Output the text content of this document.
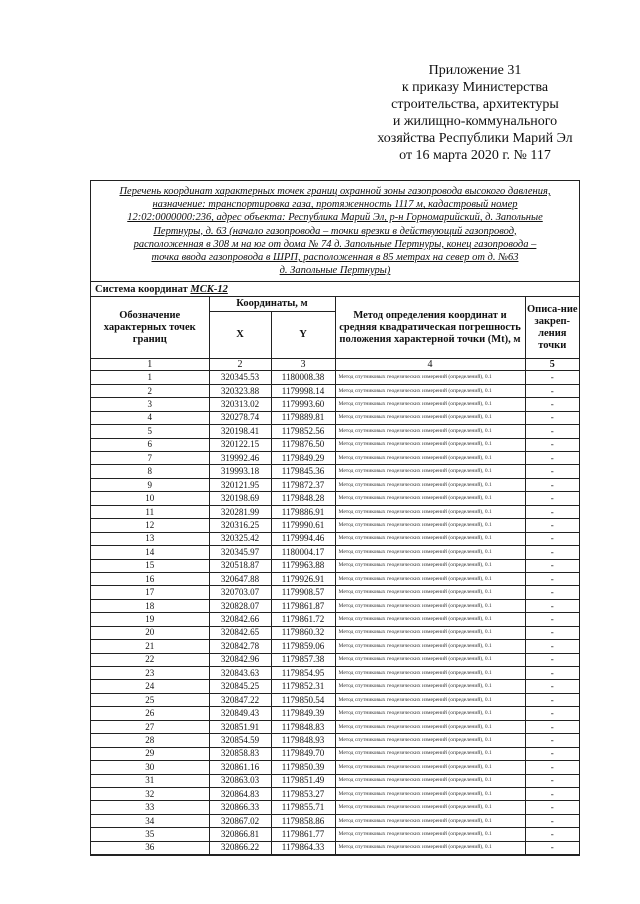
Приложение 31
к приказу Министерства
строительства, архитектуры
и жилищно-коммунального
хозяйства Республики Марий Эл
от 16 марта 2020 г. № 117
Перечень координат характерных точек границ охранной зоны газопровода высокого давления,
назначение: транспортировка газа, протяженность 1117 м, кадастровый номер
12:02:0000000:236, адрес объекта: Республика Марий Эл, р-н Горномарийский, д. Запольные
Пертнуры, д. 63 (начало газопровода – точки врезки в действующий газопровод,
расположенная в 308 м на юг от дома № 74 д. Запольные Пертнуры, конец газопровода –
точка ввода газопровода в ШРП, расположенная в 85 метрах на север от д. №63
д. Запольные Пертнуры)
Система координат МСК-12				
Обозначение характерных точек границ	Координаты, м		Метод определения координат и средняя квадратическая погрешность положения характерной точки (Mt), м	Описа-ние закреп-ления точки
	X	Y		
1	2	3	4	5
1	320345.53	1180008.38	Метод спутниковых геодезических измерений (определений), 0.1	-
2	320323.88	1179998.14	Метод спутниковых геодезических измерений (определений), 0.1	-
3	320313.02	1179993.60	Метод спутниковых геодезических измерений (определений), 0.1	-
4	320278.74	1179889.81	Метод спутниковых геодезических измерений (определений), 0.1	-
5	320198.41	1179852.56	Метод спутниковых геодезических измерений (определений), 0.1	-
6	320122.15	1179876.50	Метод спутниковых геодезических измерений (определений), 0.1	-
7	319992.46	1179849.29	Метод спутниковых геодезических измерений (определений), 0.1	-
8	319993.18	1179845.36	Метод спутниковых геодезических измерений (определений), 0.1	-
9	320121.95	1179872.37	Метод спутниковых геодезических измерений (определений), 0.1	-
10	320198.69	1179848.28	Метод спутниковых геодезических измерений (определений), 0.1	-
11	320281.99	1179886.91	Метод спутниковых геодезических измерений (определений), 0.1	-
12	320316.25	1179990.61	Метод спутниковых геодезических измерений (определений), 0.1	-
13	320325.42	1179994.46	Метод спутниковых геодезических измерений (определений), 0.1	-
14	320345.97	1180004.17	Метод спутниковых геодезических измерений (определений), 0.1	-
15	320518.87	1179963.88	Метод спутниковых геодезических измерений (определений), 0.1	-
16	320647.88	1179926.91	Метод спутниковых геодезических измерений (определений), 0.1	-
17	320703.07	1179908.57	Метод спутниковых геодезических измерений (определений), 0.1	-
18	320828.07	1179861.87	Метод спутниковых геодезических измерений (определений), 0.1	-
19	320842.66	1179861.72	Метод спутниковых геодезических измерений (определений), 0.1	-
20	320842.65	1179860.32	Метод спутниковых геодезических измерений (определений), 0.1	-
21	320842.78	1179859.06	Метод спутниковых геодезических измерений (определений), 0.1	-
22	320842.96	1179857.38	Метод спутниковых геодезических измерений (определений), 0.1	-
23	320843.63	1179854.95	Метод спутниковых геодезических измерений (определений), 0.1	-
24	320845.25	1179852.31	Метод спутниковых геодезических измерений (определений), 0.1	-
25	320847.22	1179850.54	Метод спутниковых геодезических измерений (определений), 0.1	-
26	320849.43	1179849.39	Метод спутниковых геодезических измерений (определений), 0.1	-
27	320851.91	1179848.83	Метод спутниковых геодезических измерений (определений), 0.1	-
28	320854.59	1179848.93	Метод спутниковых геодезических измерений (определений), 0.1	-
29	320858.83	1179849.70	Метод спутниковых геодезических измерений (определений), 0.1	-
30	320861.16	1179850.39	Метод спутниковых геодезических измерений (определений), 0.1	-
31	320863.03	1179851.49	Метод спутниковых геодезических измерений (определений), 0.1	-
32	320864.83	1179853.27	Метод спутниковых геодезических измерений (определений), 0.1	-
33	320866.33	1179855.71	Метод спутниковых геодезических измерений (определений), 0.1	-
34	320867.02	1179858.86	Метод спутниковых геодезических измерений (определений), 0.1	-
35	320866.81	1179861.77	Метод спутниковых геодезических измерений (определений), 0.1	-
36	320866.22	1179864.33	Метод спутниковых геодезических измерений (определений), 0.1	-
